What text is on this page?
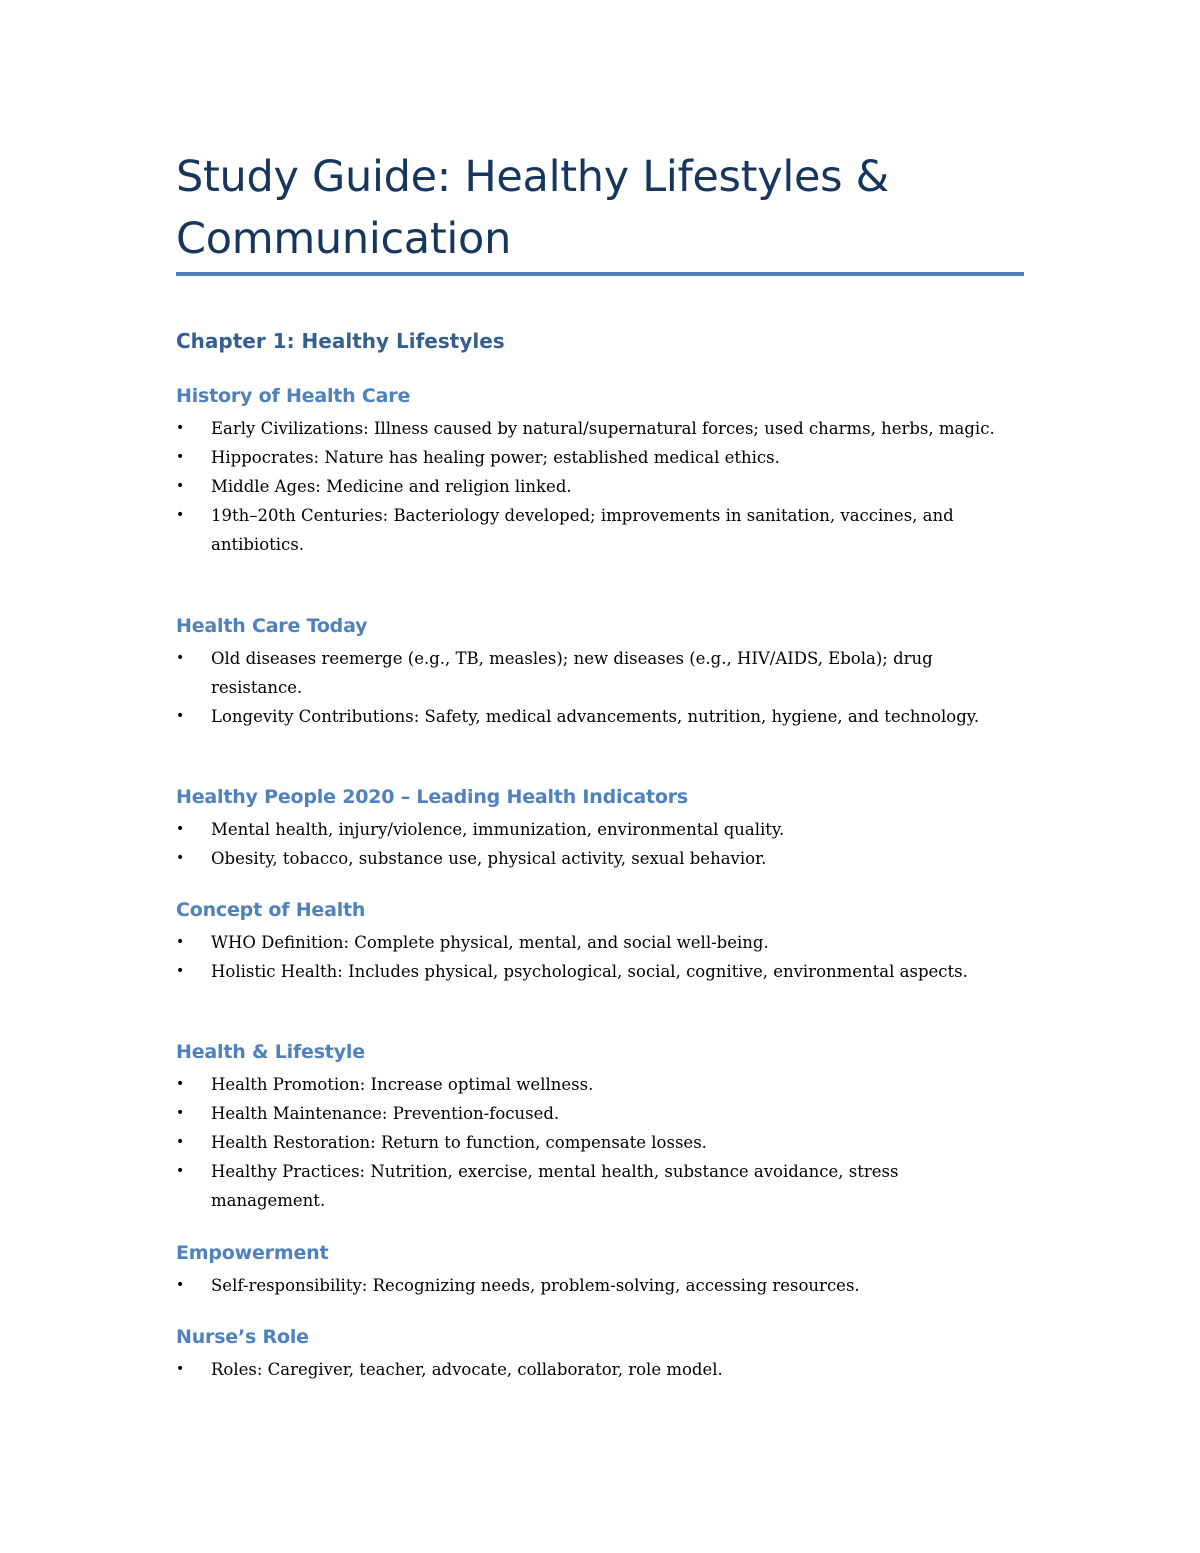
Study Guide: Healthy Lifestyles & Communication
Chapter 1: Healthy Lifestyles
History of Health Care
• Early Civilizations: Illness caused by natural/supernatural forces; used charms, herbs, magic.
• Hippocrates: Nature has healing power; established medical ethics.
• Middle Ages: Medicine and religion linked.
• 19th–20th Centuries: Bacteriology developed; improvements in sanitation, vaccines, and antibiotics.
Health Care Today
• Old diseases reemerge (e.g., TB, measles); new diseases (e.g., HIV/AIDS, Ebola); drug resistance.
• Longevity Contributions: Safety, medical advancements, nutrition, hygiene, and technology.
Healthy People 2020 – Leading Health Indicators
• Mental health, injury/violence, immunization, environmental quality.
• Obesity, tobacco, substance use, physical activity, sexual behavior.
Concept of Health
• WHO Definition: Complete physical, mental, and social well-being.
• Holistic Health: Includes physical, psychological, social, cognitive, environmental aspects.
Health & Lifestyle
• Health Promotion: Increase optimal wellness.
• Health Maintenance: Prevention-focused.
• Health Restoration: Return to function, compensate losses.
• Healthy Practices: Nutrition, exercise, mental health, substance avoidance, stress management.
Empowerment
• Self-responsibility: Recognizing needs, problem-solving, accessing resources.
Nurse’s Role
• Roles: Caregiver, teacher, advocate, collaborator, role model.
